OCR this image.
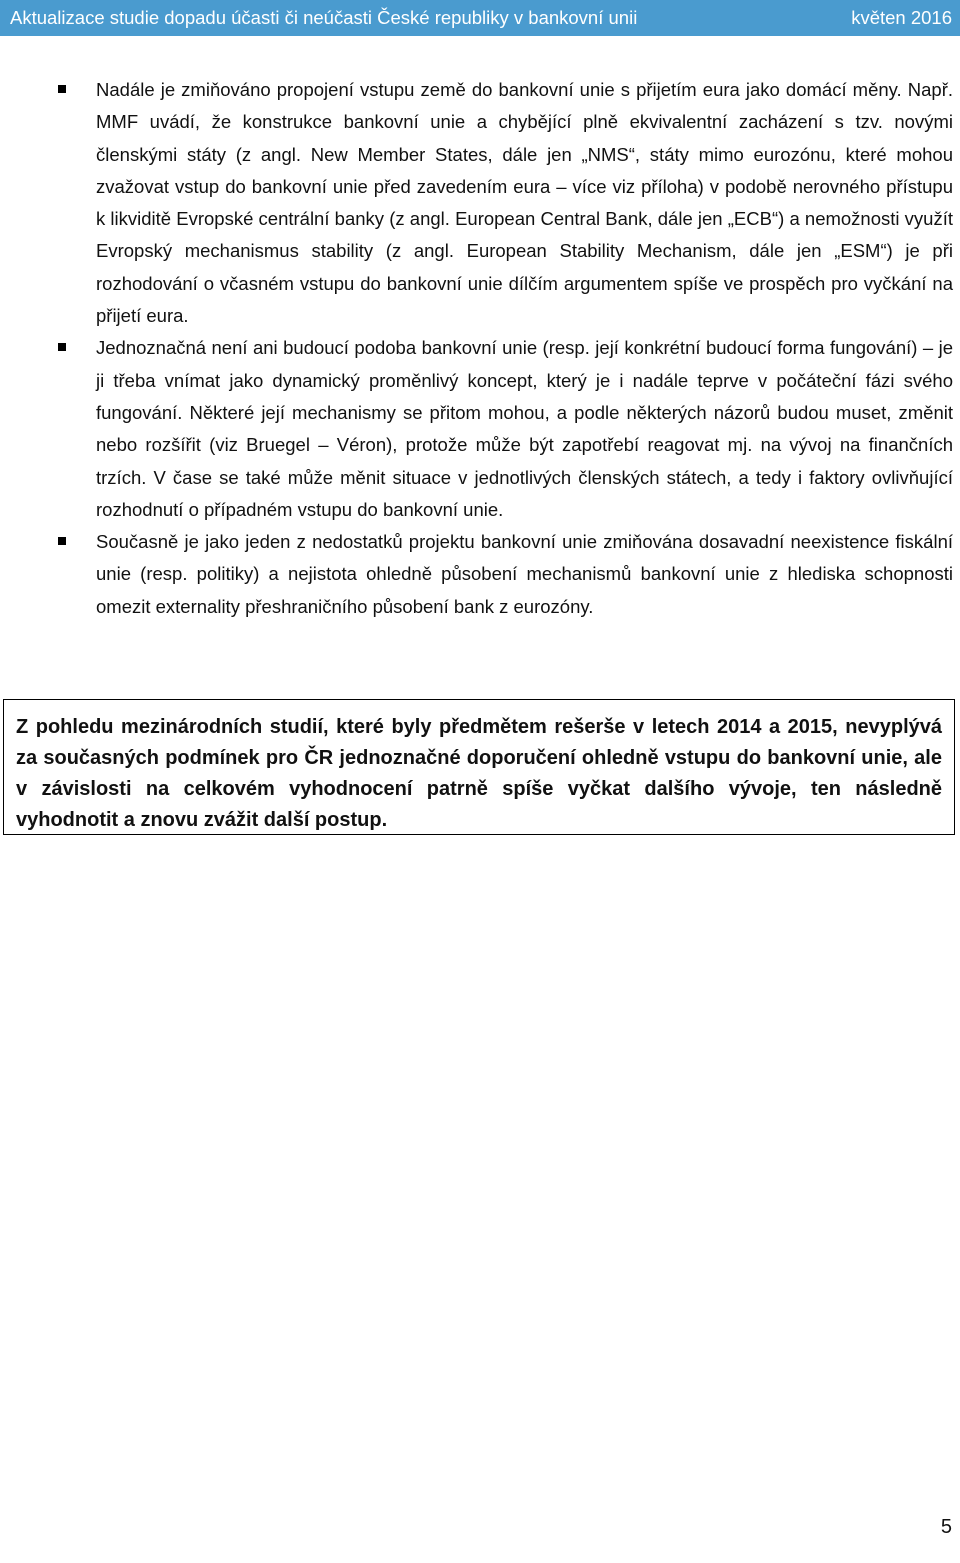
Aktualizace studie dopadu účasti či neúčasti České republiky v bankovní unii	květen 2016
Nadále je zmiňováno propojení vstupu země do bankovní unie s přijetím eura jako domácí měny. Např. MMF uvádí, že konstrukce bankovní unie a chybějící plně ekvivalentní zacházení s tzv. novými členskými státy (z angl. New Member States, dále jen „NMS“, státy mimo eurozónu, které mohou zvažovat vstup do bankovní unie před zavedením eura – více viz příloha) v podobě nerovného přístupu k likviditě Evropské centrální banky (z angl. European Central Bank, dále jen „ECB“) a nemožnosti využít Evropský mechanismus stability (z angl. European Stability Mechanism, dále jen „ESM“) je při rozhodování o včasném vstupu do bankovní unie dílčím argumentem spíše ve prospěch pro vyčkání na přijetí eura.
Jednoznačná není ani budoucí podoba bankovní unie (resp. její konkrétní budoucí forma fungování) – je ji třeba vnímat jako dynamický proměnlivý koncept, který je i nadále teprve v počáteční fázi svého fungování. Některé její mechanismy se přitom mohou, a podle některých názorů budou muset, změnit nebo rozšířit (viz Bruegel – Véron), protože může být zapotřebí reagovat mj. na vývoj na finančních trzích. V čase se také může měnit situace v jednotlivých členských státech, a tedy i faktory ovlivňující rozhodnutí o případném vstupu do bankovní unie.
Současně je jako jeden z nedostatků projektu bankovní unie zmiňována dosavadní neexistence fiskální unie (resp. politiky) a nejistota ohledně působení mechanismů bankovní unie z hlediska schopnosti omezit externality přeshraničního působení bank z eurozóny.

Z pohledu mezinárodních studií, které byly předmětem rešerše v letech 2014 a 2015, nevyplývá za současných podmínek pro ČR jednoznačné doporučení ohledně vstupu do bankovní unie, ale v závislosti na celkovém vyhodnocení patrně spíše vyčkat dalšího vývoje, ten následně vyhodnotit a znovu zvážit další postup.

5
